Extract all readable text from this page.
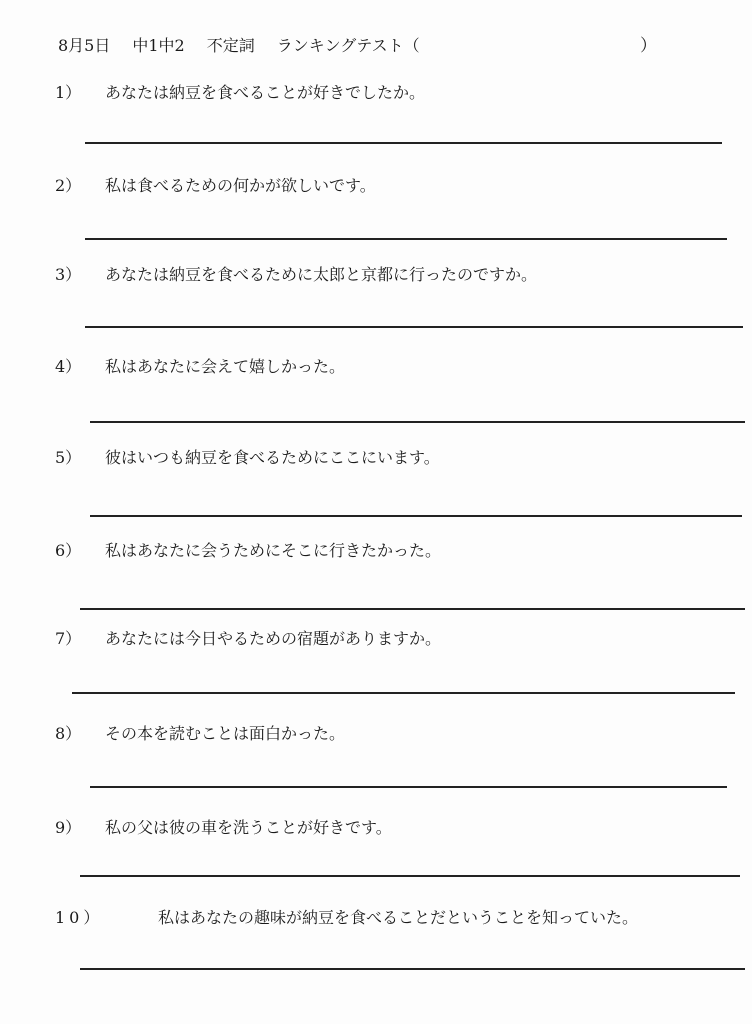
8月5日 中1中2 不定詞 ランキングテスト（	）
1） あなたは納豆を食べることが好きでしたか。
2） 私は食べるための何かが欲しいです。
3） あなたは納豆を食べるために太郎と京都に行ったのですか。
4） 私はあなたに会えて嬉しかった。
5） 彼はいつも納豆を食べるためにここにいます。
6） 私はあなたに会うためにそこに行きたかった。
7） あなたには今日やるための宿題がありますか。
8） その本を読むことは面白かった。
9） 私の父は彼の車を洗うことが好きです。
10）	私はあなたの趣味が納豆を食べることだということを知っていた。
